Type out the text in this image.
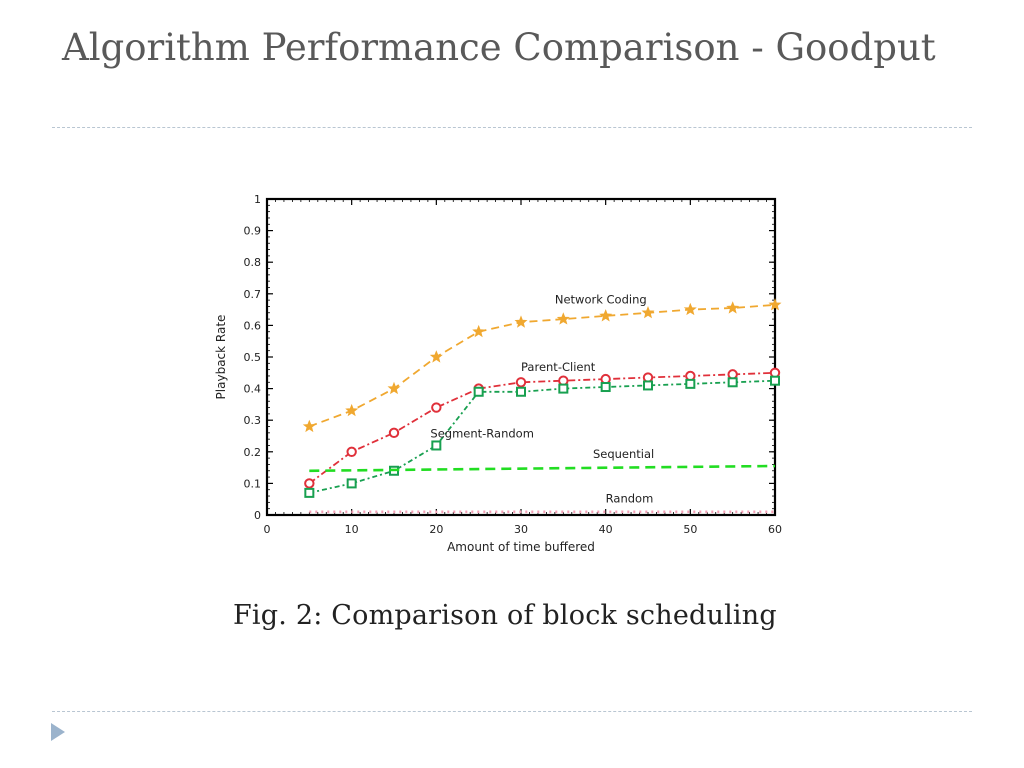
Algorithm Performance Comparison - Goodput
0
0.1
0.2
0.3
0.4
0.5
0.6
0.7
0.8
0.9
1
0	10	20	30	40	50	60
Amount of time buffered
Playback Rate
Network Coding
Parent-Client
Segment-Random
Sequential
Random

Fig. 2: Comparison of block scheduling
